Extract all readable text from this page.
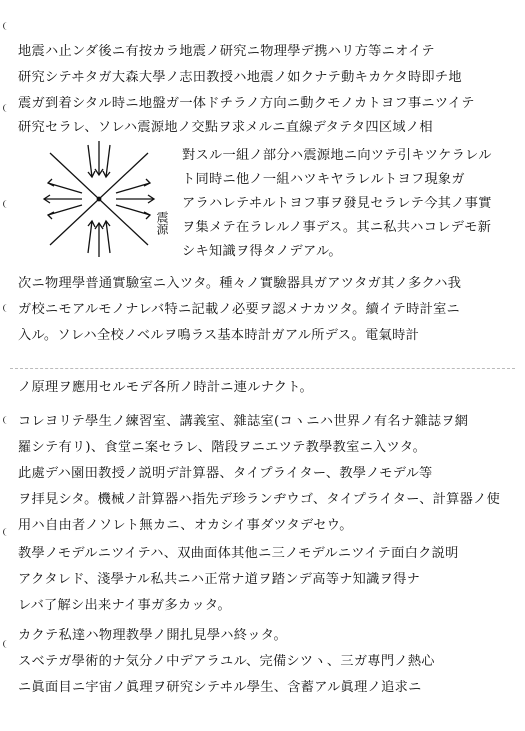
地震ハ止ンダ後ニ有按カラ地震ノ研究ニ物理學デ携ハリ方等ニオイテ
研究シテヰタガ大森大學ノ志田教授ハ地震ノ如クナテ動キカケタ時即チ地
震ガ到着シタル時ニ地盤ガ一体ドチラノ方向ニ動クモノカトヨフ事ニツイテ
研究セラレ、ソレハ震源地ノ交點ヲ求メルニ直線デタテタ四区域ノ相
震源
對スル一組ノ部分ハ震源地ニ向ツテ引キツケラレル
ト同時ニ他ノ一組ハツキヤラレルトヨフ現象ガ
アラハレテヰルトヨフ事ヲ發見セラレテ今其ノ事實
ヲ集メテ在ラレルノ事デス。其ニ私共ハコレデモ新
シキ知識ヲ得タノデアル。
次ニ物理學普通實驗室ニ入ツタ。種々ノ實驗器具ガアツタガ其ノ多クハ我
ガ校ニモアルモノナレバ特ニ記載ノ必要ヲ認メナカツタ。續イテ時計室ニ
入ル。ソレハ全校ノベルヲ鳴ラス基本時計ガアル所デス。電氣時計
ノ原理ヲ應用セルモデ各所ノ時計ニ連ルナクト。
コレヨリテ學生ノ練習室、講義室、雜誌室(コヽニハ世界ノ有名ナ雜誌ヲ網
羅シテ有リ)、食堂ニ案セラレ、階段ヲニエツテ教學教室ニ入ツタ。
此處デハ園田教授ノ説明デ計算器、タイプライター、教學ノモデル等
ヲ拝見シタ。機械ノ計算器ハ指先デ珍ランヂウゴ、タイプライター、計算器ノ使
用ハ自由者ノソレト無カニ、オカシイ事ダツタデセウ。
教學ノモデルニツイテハ、双曲面体其他ニ三ノモデルニツイテ面白ク説明
アクタレド、淺學ナル私共ニハ正常ナ道ヲ踏ンデ高等ナ知識ヲ得ナ
レバ了解シ出来ナイ事ガ多カッタ。
カクテ私達ハ物理教學ノ開扎見學ハ終ッタ。
スベテガ學術的ナ気分ノ中デアラユル、完備シツヽ、三ガ專門ノ熱心
ニ眞面目ニ宇宙ノ眞理ヲ研究シテヰル學生、含蓄アル眞理ノ追求ニ
